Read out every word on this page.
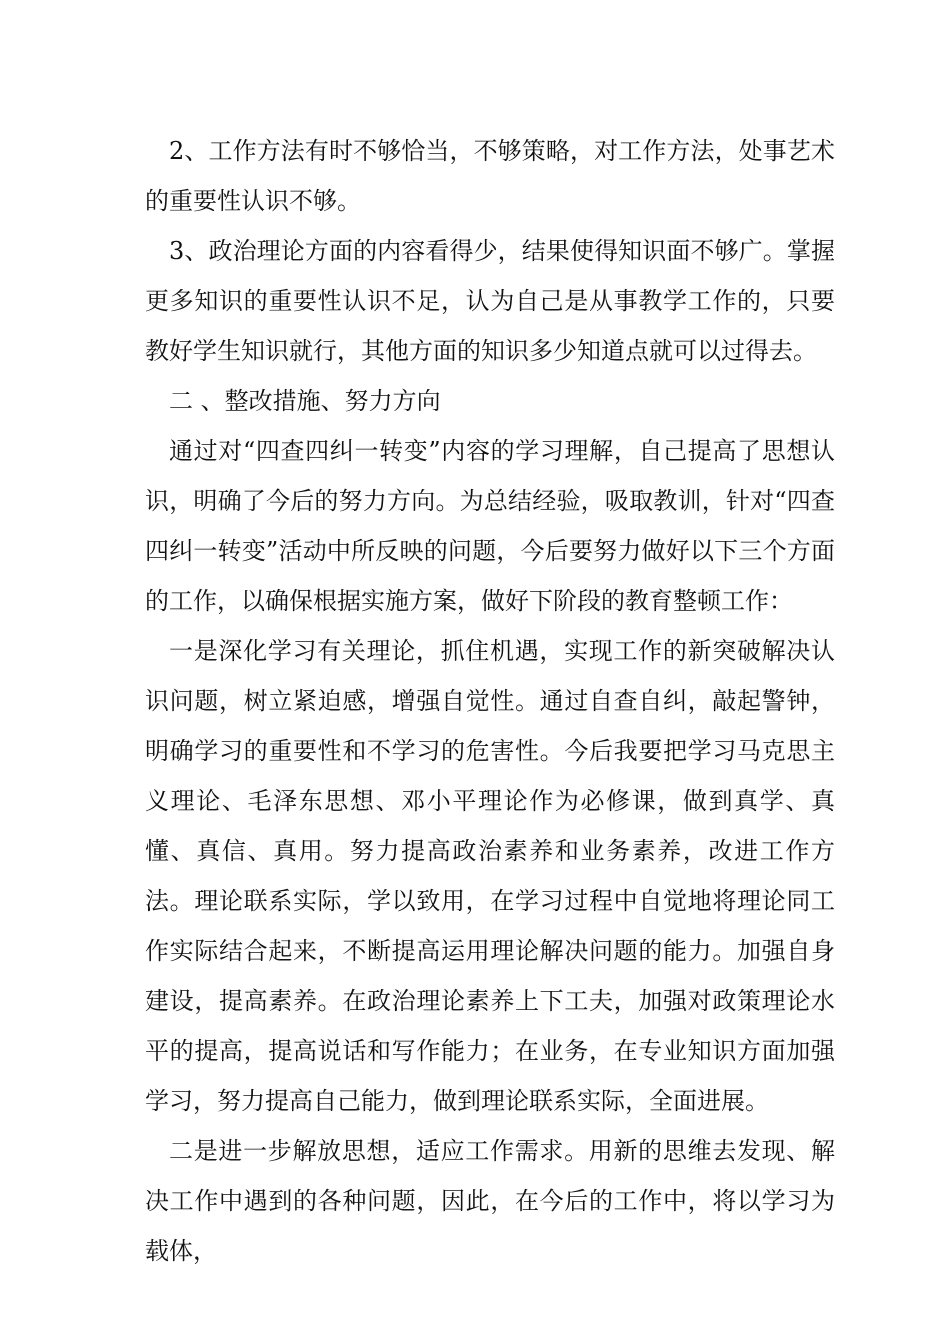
2、工作方法有时不够恰当，不够策略，对工作方法，处事艺术的重要性认识不够。

3、政治理论方面的内容看得少，结果使得知识面不够广。掌握更多知识的重要性认识不足，认为自己是从事教学工作的，只要教好学生知识就行，其他方面的知识多少知道点就可以过得去。

二 、整改措施、努力方向

通过对“四查四纠一转变”内容的学习理解，自己提高了思想认识，明确了今后的努力方向。为总结经验，吸取教训，针对“四查四纠一转变”活动中所反映的问题，今后要努力做好以下三个方面的工作，以确保根据实施方案，做好下阶段的教育整顿工作：

一是深化学习有关理论，抓住机遇，实现工作的新突破解决认识问题，树立紧迫感，增强自觉性。通过自查自纠，敲起警钟，明确学习的重要性和不学习的危害性。今后我要把学习马克思主义理论、毛泽东思想、邓小平理论作为必修课，做到真学、真懂、真信、真用。努力提高政治素养和业务素养，改进工作方法。理论联系实际，学以致用，在学习过程中自觉地将理论同工作实际结合起来，不断提高运用理论解决问题的能力。加强自身建设，提高素养。在政治理论素养上下工夫，加强对政策理论水平的提高，提高说话和写作能力；在业务，在专业知识方面加强学习，努力提高自己能力，做到理论联系实际，全面进展。

二是进一步解放思想，适应工作需求。用新的思维去发现、解决工作中遇到的各种问题，因此，在今后的工作中，将以学习为载体，
